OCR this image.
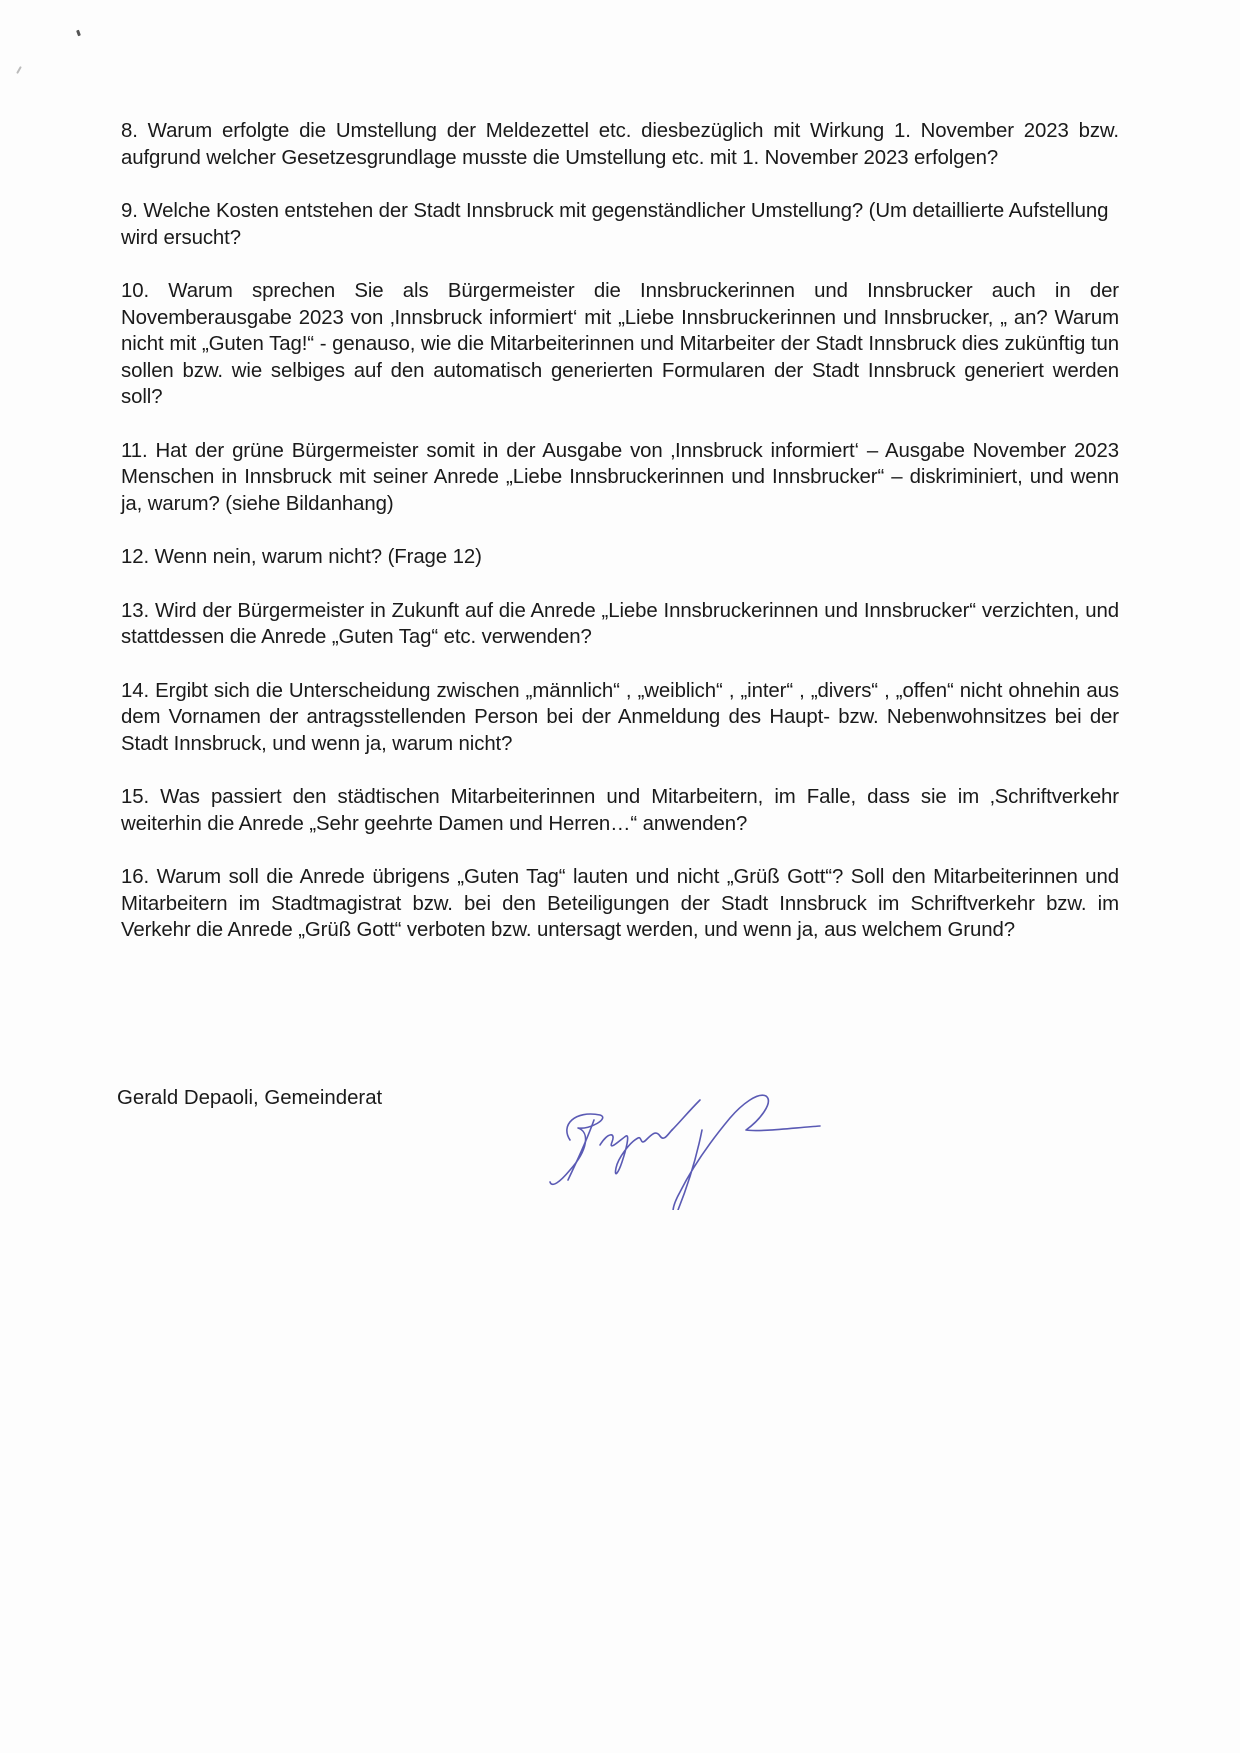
8. Warum erfolgte die Umstellung der Meldezettel etc. diesbezüglich mit Wirkung 1. November 2023 bzw. aufgrund welcher Gesetzesgrundlage musste die Umstellung etc. mit 1. November 2023 erfolgen?

9. Welche Kosten entstehen der Stadt Innsbruck mit gegenständlicher Umstellung? (Um detaillierte Aufstellung wird ersucht?

10. Warum sprechen Sie als Bürgermeister die Innsbruckerinnen und Innsbrucker auch in der Novemberausgabe 2023 von ‚Innsbruck informiert‘ mit „Liebe Innsbruckerinnen und Innsbrucker, „ an? Warum nicht mit „Guten Tag!“ - genauso, wie die Mitarbeiterinnen und Mitarbeiter der Stadt Innsbruck dies zukünftig tun sollen bzw. wie selbiges auf den automatisch generierten Formularen der Stadt Innsbruck generiert werden soll?

11. Hat der grüne Bürgermeister somit in der Ausgabe von ‚Innsbruck informiert‘ – Ausgabe November 2023 Menschen in Innsbruck mit seiner Anrede „Liebe Innsbruckerinnen und Innsbrucker“ – diskriminiert, und wenn ja, warum? (siehe Bildanhang)

12. Wenn nein, warum nicht? (Frage 12)

13. Wird der Bürgermeister in Zukunft auf die Anrede „Liebe Innsbruckerinnen und Innsbrucker“ verzichten, und stattdessen die Anrede „Guten Tag“ etc. verwenden?

14. Ergibt sich die Unterscheidung zwischen „männlich“ , „weiblich“ , „inter“ , „divers“ , „offen“ nicht ohnehin aus dem Vornamen der antragsstellenden Person bei der Anmeldung des Haupt- bzw. Nebenwohnsitzes bei der Stadt Innsbruck, und wenn ja, warum nicht?

15. Was passiert den städtischen Mitarbeiterinnen und Mitarbeitern, im Falle, dass sie im ‚Schriftverkehr weiterhin die Anrede „Sehr geehrte Damen und Herren…“ anwenden?

16. Warum soll die Anrede übrigens „Guten Tag“ lauten und nicht „Grüß Gott“? Soll den Mitarbeiterinnen und Mitarbeitern im Stadtmagistrat bzw. bei den Beteiligungen der Stadt Innsbruck im Schriftverkehr bzw. im Verkehr die Anrede „Grüß Gott“ verboten bzw. untersagt werden, und wenn ja, aus welchem Grund?

Gerald Depaoli, Gemeinderat
